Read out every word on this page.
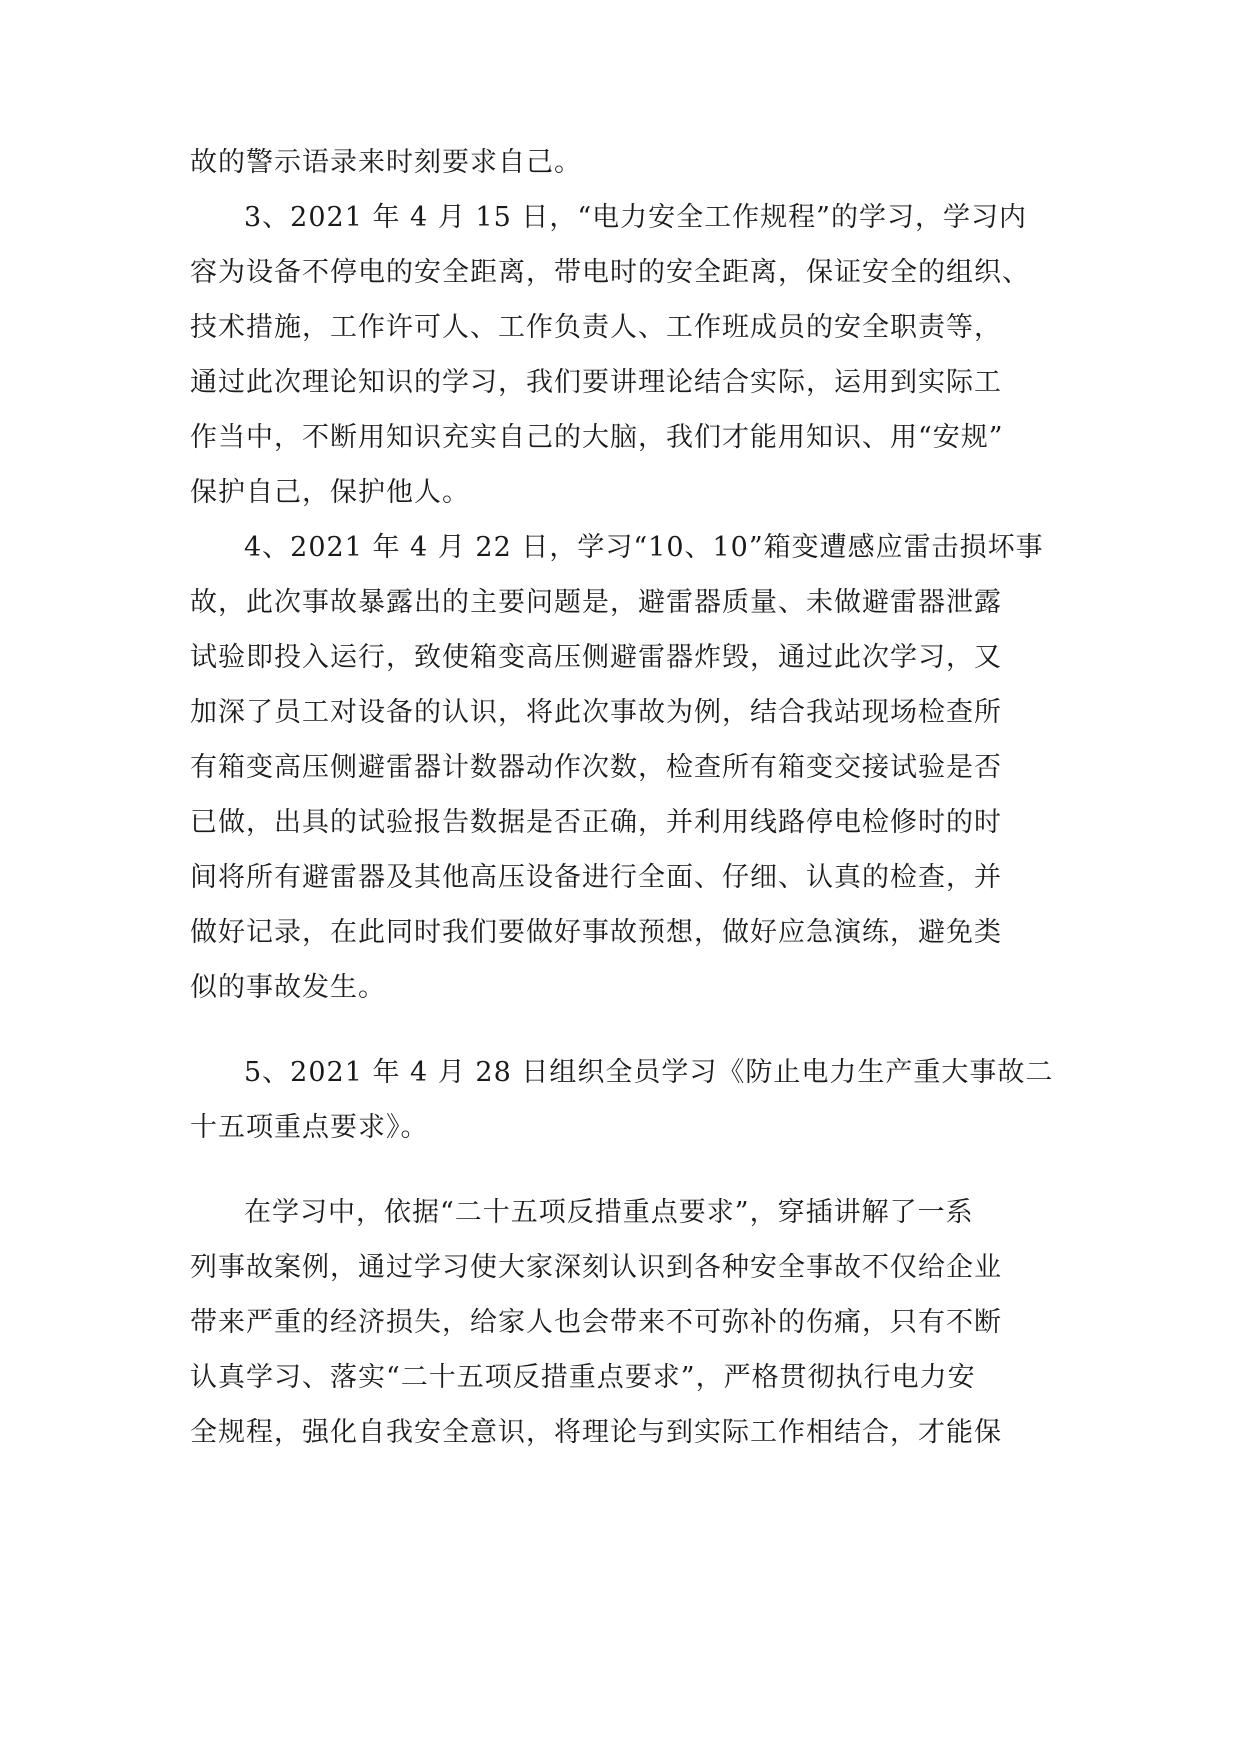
故的警示语录来时刻要求自己。
3、2021 年 4 月 15 日，“电力安全工作规程”的学习，学习内
容为设备不停电的安全距离，带电时的安全距离，保证安全的组织、
技术措施，工作许可人、工作负责人、工作班成员的安全职责等，
通过此次理论知识的学习，我们要讲理论结合实际，运用到实际工
作当中，不断用知识充实自己的大脑，我们才能用知识、用“安规”
保护自己，保护他人。
4、2021 年 4 月 22 日，学习“10、10”箱变遭感应雷击损坏事
故，此次事故暴露出的主要问题是，避雷器质量、未做避雷器泄露
试验即投入运行，致使箱变高压侧避雷器炸毁，通过此次学习，又
加深了员工对设备的认识，将此次事故为例，结合我站现场检查所
有箱变高压侧避雷器计数器动作次数，检查所有箱变交接试验是否
已做，出具的试验报告数据是否正确，并利用线路停电检修时的时
间将所有避雷器及其他高压设备进行全面、仔细、认真的检查，并
做好记录，在此同时我们要做好事故预想，做好应急演练，避免类
似的事故发生。
5、2021 年 4 月 28 日组织全员学习《防止电力生产重大事故二
十五项重点要求》。
在学习中，依据“二十五项反措重点要求”，穿插讲解了一系
列事故案例，通过学习使大家深刻认识到各种安全事故不仅给企业
带来严重的经济损失，给家人也会带来不可弥补的伤痛，只有不断
认真学习、落实“二十五项反措重点要求”，严格贯彻执行电力安
全规程，强化自我安全意识，将理论与到实际工作相结合，才能保
